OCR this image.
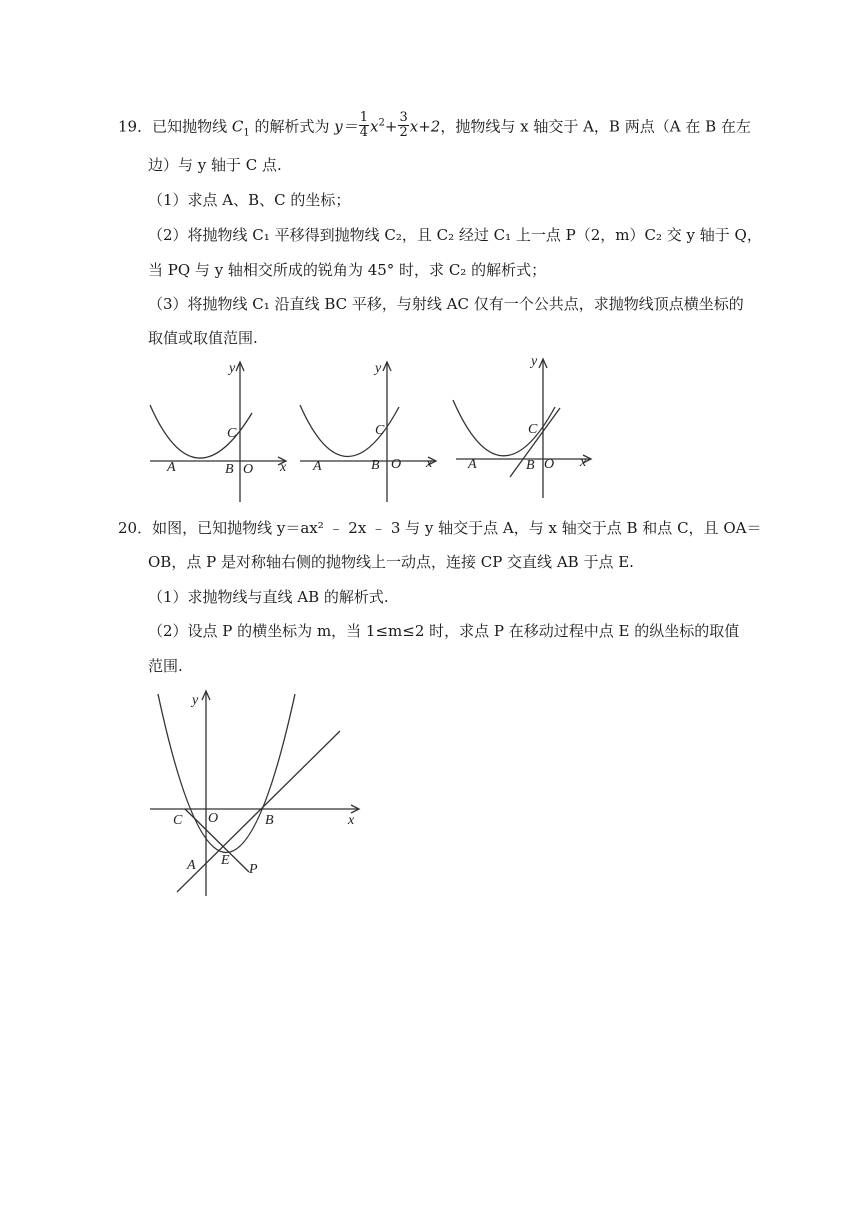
19．已知抛物线 $C_1$ 的解析式为 $y= \frac{1}{4} x^2+ \frac{3}{2} x+2$，抛物线与 x 轴交于 A，B 两点（A 在 B 在左
边）与 y 轴于 C 点.
（1）求点 A、B、C 的坐标；
（2）将抛物线 C₁ 平移得到抛物线 C₂，且 C₂ 经过 C₁ 上一点 P（2，m）C₂ 交 y 轴于 Q，
当 PQ 与 y 轴相交所成的锐角为 45° 时，求 C₂ 的解析式；
（3）将抛物线 C₁ 沿直线 BC 平移，与射线 AC 仅有一个公共点，求抛物线顶点横坐标的
取值或取值范围.
y
x
C
A	B O
y
x
C
A	B O
y
x
C
A	B O
20．如图，已知抛物线 y＝ax² ﹣ 2x ﹣ 3 与 y 轴交于点 A，与 x 轴交于点 B 和点 C，且 OA＝
OB，点 P 是对称轴右侧的抛物线上一动点，连接 CP 交直线 AB 于点 E.
（1）求抛物线与直线 AB 的解析式.
（2）设点 P 的横坐标为 m，当 1≤m≤2 时，求点 P 在移动过程中点 E 的纵坐标的取值
范围.
y
x
C O	B
A E
P
